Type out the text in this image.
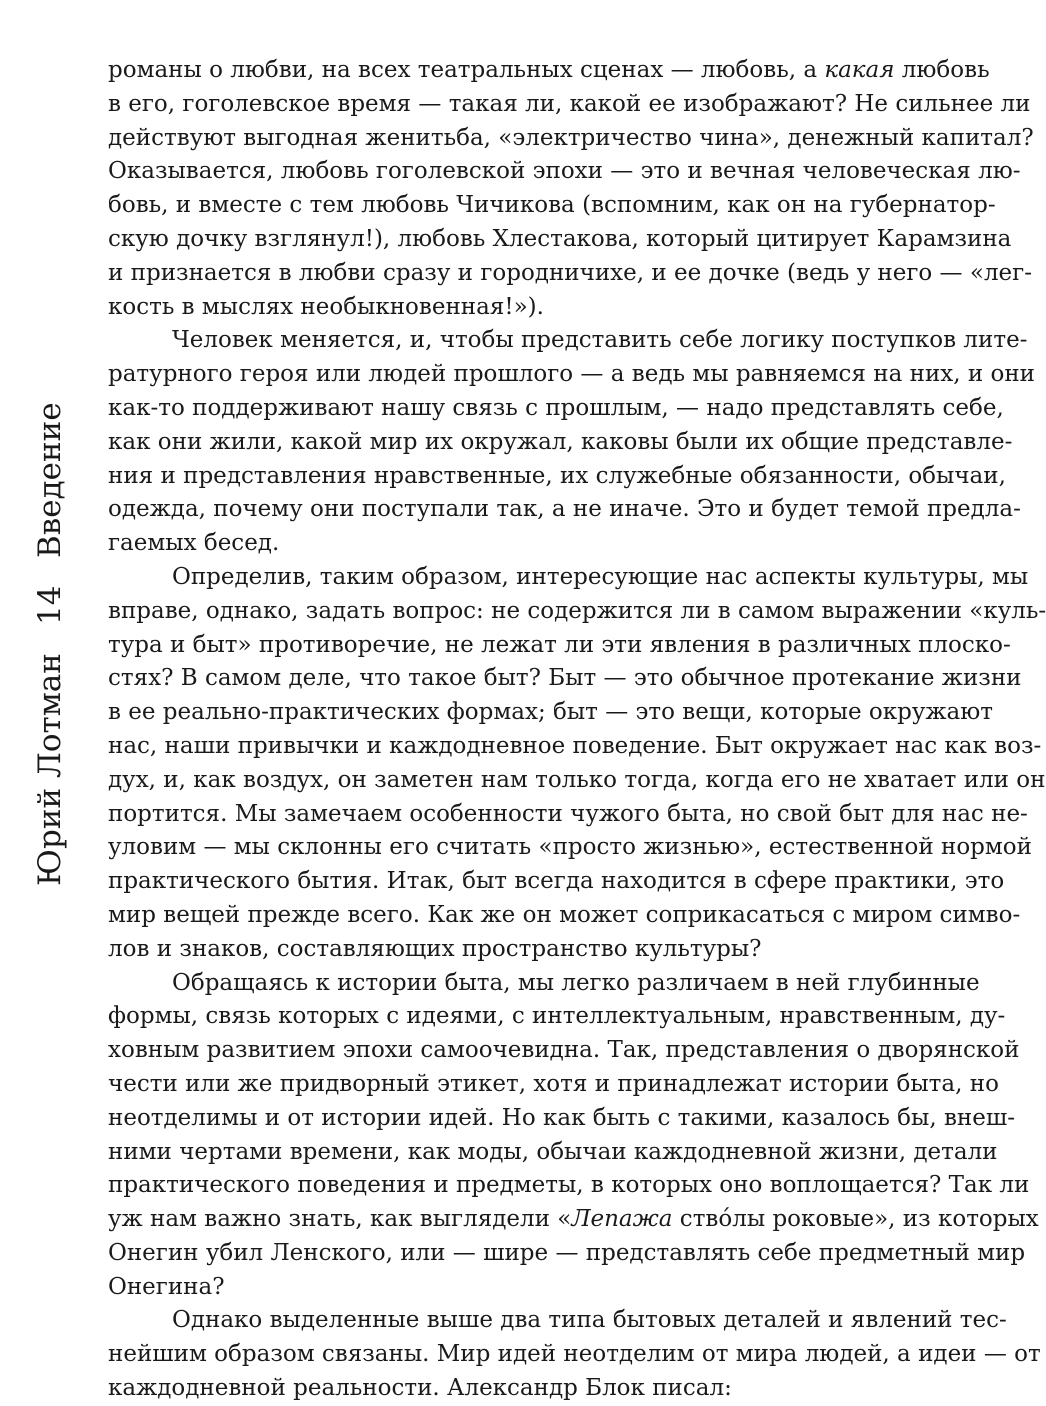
Юрий Лотман
14
Введение
романы о любви, на всех театральных сценах — любовь, а какая любовь
в его, гоголевское время — такая ли, какой ее изображают? Не сильнее ли
действуют выгодная женитьба, «электричество чина», денежный капитал?
Оказывается, любовь гоголевской эпохи — это и вечная человеческая лю-
бовь, и вместе с тем любовь Чичикова (вспомним, как он на губернатор-
скую дочку взглянул!), любовь Хлестакова, который цитирует Карамзина
и признается в любви сразу и городничихе, и ее дочке (ведь у него — «лег-
кость в мыслях необыкновенная!»).
Человек меняется, и, чтобы представить себе логику поступков лите-
ратурного героя или людей прошлого — а ведь мы равняемся на них, и они
как-то поддерживают нашу связь с прошлым, — надо представлять себе,
как они жили, какой мир их окружал, каковы были их общие представле-
ния и представления нравственные, их служебные обязанности, обычаи,
одежда, почему они поступали так, а не иначе. Это и будет темой предла-
гаемых бесед.
Определив, таким образом, интересующие нас аспекты культуры, мы
вправе, однако, задать вопрос: не содержится ли в самом выражении «куль-
тура и быт» противоречие, не лежат ли эти явления в различных плоско-
стях? В самом деле, что такое быт? Быт — это обычное протекание жизни
в ее реально-практических формах; быт — это вещи, которые окружают
нас, наши привычки и каждодневное поведение. Быт окружает нас как воз-
дух, и, как воздух, он заметен нам только тогда, когда его не хватает или он
портится. Мы замечаем особенности чужого быта, но свой быт для нас не-
уловим — мы склонны его считать «просто жизнью», естественной нормой
практического бытия. Итак, быт всегда находится в сфере практики, это
мир вещей прежде всего. Как же он может соприкасаться с миром симво-
лов и знаков, составляющих пространство культуры?
Обращаясь к истории быта, мы легко различаем в ней глубинные
формы, связь которых с идеями, с интеллектуальным, нравственным, ду-
ховным развитием эпохи самоочевидна. Так, представления о дворянской
чести или же придворный этикет, хотя и принадлежат истории быта, но
неотделимы и от истории идей. Но как быть с такими, казалось бы, внеш-
ними чертами времени, как моды, обычаи каждодневной жизни, детали
практического поведения и предметы, в которых оно воплощается? Так ли
уж нам важно знать, как выглядели «Лепажа ство́лы роковые», из которых
Онегин убил Ленского, или — шире — представлять себе предметный мир
Онегина?
Однако выделенные выше два типа бытовых деталей и явлений тес-
нейшим образом связаны. Мир идей неотделим от мира людей, а идеи — от
каждодневной реальности. Александр Блок писал:
